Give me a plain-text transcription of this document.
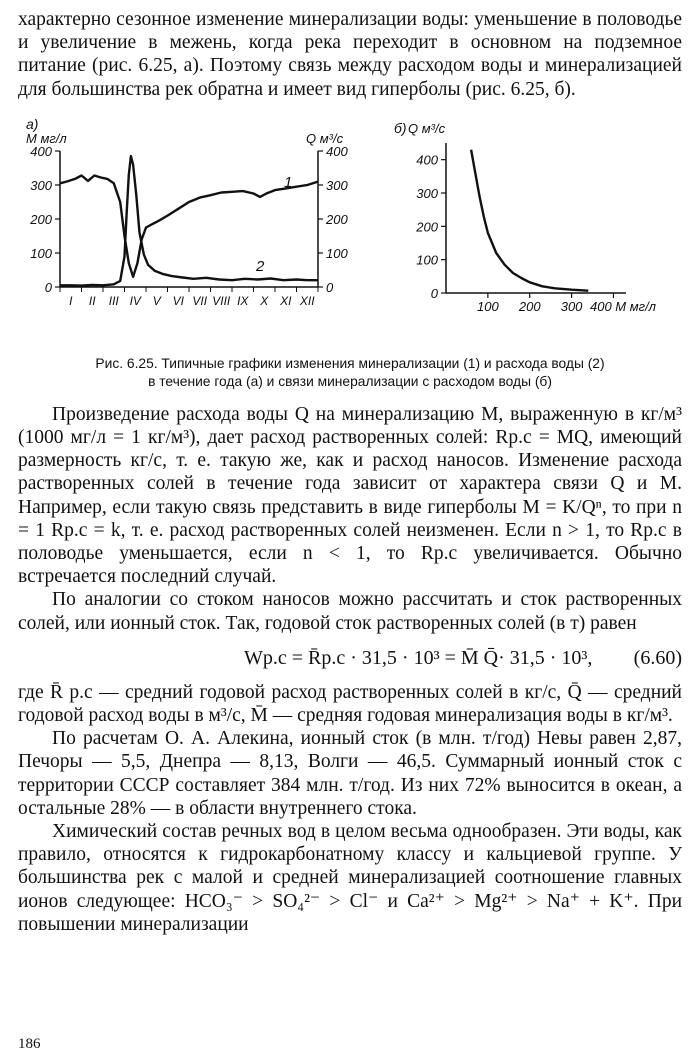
характерно сезонное изменение минерализации воды: уменьшение в половодье и увеличение в межень, когда река переходит в основном на подземное питание (рис. 6.25, а). Поэтому связь между расходом воды и минерализацией для большинства рек обратна и имеет вид гиперболы (рис. 6.25, б).

а)
М мг/л	Q м³/с
400
300
200
100
0
400
300
200
100
0
I II III IV V VI VII VIII IX X XI XII
1
2
б) Q м³/с
400
300
200
100
0
100 200 300 400 М мг/л
Рис. 6.25. Типичные графики изменения минерализации (1) и расхода воды (2)
в течение года (а) и связи минерализации с расходом воды (б)

Произведение расхода воды Q на минерализацию M, выраженную в кг/м³ (1000 мг/л = 1 кг/м³), дает расход растворенных солей: Rр.с = MQ, имеющий размерность кг/с, т. е. такую же, как и расход наносов. Изменение расхода растворенных солей в течение года зависит от характера связи Q и M. Например, если такую связь представить в виде гиперболы M = K/Qⁿ, то при n = 1 Rр.с = k, т. е. расход растворенных солей неизменен. Если n > 1, то Rр.с в половодье уменьшается, если n < 1, то Rр.с увеличивается. Обычно встречается последний случай.

По аналогии со стоком наносов можно рассчитать и сток растворенных солей, или ионный сток. Так, годовой сток растворенных солей (в т) равен

Wр.с = R̄р.с · 31,5 · 10³ = M̄ Q̄· 31,5 · 10³, (6.60)

где R̄ р.с — средний годовой расход растворенных солей в кг/с, Q̄ — средний годовой расход воды в м³/с, M̄ — средняя годовая минерализация воды в кг/м³.

По расчетам О. А. Алекина, ионный сток (в млн. т/год) Невы равен 2,87, Печоры — 5,5, Днепра — 8,13, Волги — 46,5. Суммарный ионный сток с территории СССР составляет 384 млн. т/год. Из них 72% выносится в океан, а остальные 28% — в области внутреннего стока.

Химический состав речных вод в целом весьма однообразен. Эти воды, как правило, относятся к гидрокарбонатному классу и кальциевой группе. У большинства рек с малой и средней минерализацией соотношение главных ионов следующее: HCO₃⁻ > SO₄²⁻ > Cl⁻ и Ca²⁺ > Mg²⁺ > Na⁺ + K⁺. При повышении минерализации

186
